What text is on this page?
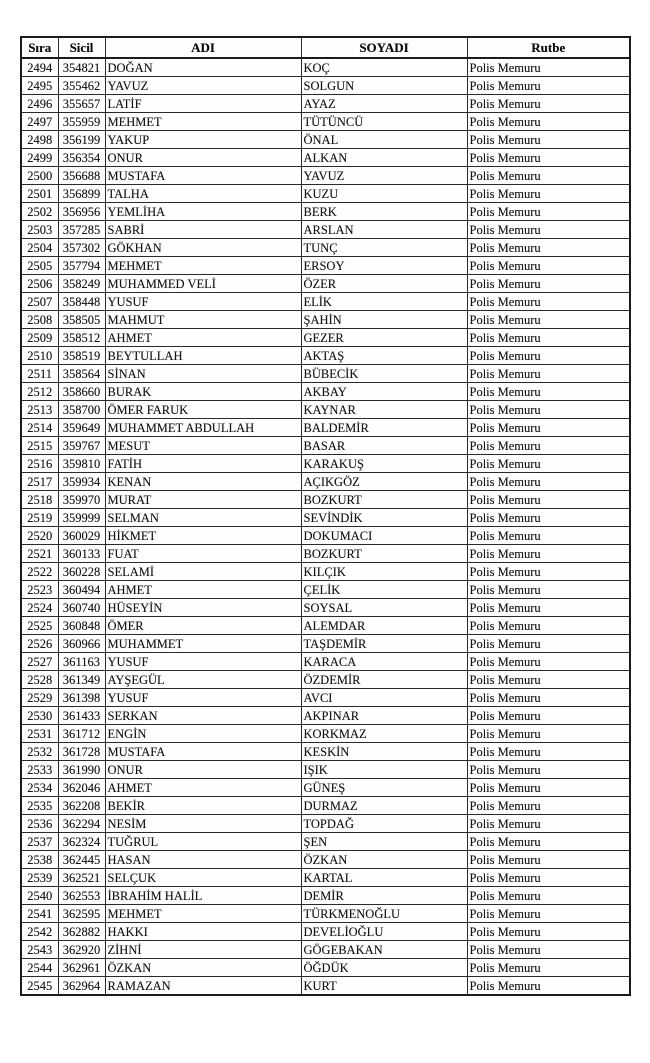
Sıra	Sicil	ADI	SOYADI	Rutbe
2494	354821	DOĞAN	KOÇ	Polis Memuru
2495	355462	YAVUZ	SOLGUN	Polis Memuru
2496	355657	LATİF	AYAZ	Polis Memuru
2497	355959	MEHMET	TÜTÜNCÜ	Polis Memuru
2498	356199	YAKUP	ÖNAL	Polis Memuru
2499	356354	ONUR	ALKAN	Polis Memuru
2500	356688	MUSTAFA	YAVUZ	Polis Memuru
2501	356899	TALHA	KUZU	Polis Memuru
2502	356956	YEMLİHA	BERK	Polis Memuru
2503	357285	SABRİ	ARSLAN	Polis Memuru
2504	357302	GÖKHAN	TUNÇ	Polis Memuru
2505	357794	MEHMET	ERSOY	Polis Memuru
2506	358249	MUHAMMED VELİ	ÖZER	Polis Memuru
2507	358448	YUSUF	ELİK	Polis Memuru
2508	358505	MAHMUT	ŞAHİN	Polis Memuru
2509	358512	AHMET	GEZER	Polis Memuru
2510	358519	BEYTULLAH	AKTAŞ	Polis Memuru
2511	358564	SİNAN	BÜBECİK	Polis Memuru
2512	358660	BURAK	AKBAY	Polis Memuru
2513	358700	ÖMER FARUK	KAYNAR	Polis Memuru
2514	359649	MUHAMMET ABDULLAH	BALDEMİR	Polis Memuru
2515	359767	MESUT	BASAR	Polis Memuru
2516	359810	FATİH	KARAKUŞ	Polis Memuru
2517	359934	KENAN	AÇIKGÖZ	Polis Memuru
2518	359970	MURAT	BOZKURT	Polis Memuru
2519	359999	SELMAN	SEVİNDİK	Polis Memuru
2520	360029	HİKMET	DOKUMACI	Polis Memuru
2521	360133	FUAT	BOZKURT	Polis Memuru
2522	360228	SELAMİ	KILÇIK	Polis Memuru
2523	360494	AHMET	ÇELİK	Polis Memuru
2524	360740	HÜSEYİN	SOYSAL	Polis Memuru
2525	360848	ÖMER	ALEMDAR	Polis Memuru
2526	360966	MUHAMMET	TAŞDEMİR	Polis Memuru
2527	361163	YUSUF	KARACA	Polis Memuru
2528	361349	AYŞEGÜL	ÖZDEMİR	Polis Memuru
2529	361398	YUSUF	AVCI	Polis Memuru
2530	361433	SERKAN	AKPINAR	Polis Memuru
2531	361712	ENGİN	KORKMAZ	Polis Memuru
2532	361728	MUSTAFA	KESKİN	Polis Memuru
2533	361990	ONUR	IŞIK	Polis Memuru
2534	362046	AHMET	GÜNEŞ	Polis Memuru
2535	362208	BEKİR	DURMAZ	Polis Memuru
2536	362294	NESİM	TOPDAĞ	Polis Memuru
2537	362324	TUĞRUL	ŞEN	Polis Memuru
2538	362445	HASAN	ÖZKAN	Polis Memuru
2539	362521	SELÇUK	KARTAL	Polis Memuru
2540	362553	İBRAHİM HALİL	DEMİR	Polis Memuru
2541	362595	MEHMET	TÜRKMENOĞLU	Polis Memuru
2542	362882	HAKKI	DEVELİOĞLU	Polis Memuru
2543	362920	ZİHNİ	GÖGEBAKAN	Polis Memuru
2544	362961	ÖZKAN	ÖĞDÜK	Polis Memuru
2545	362964	RAMAZAN	KURT	Polis Memuru
